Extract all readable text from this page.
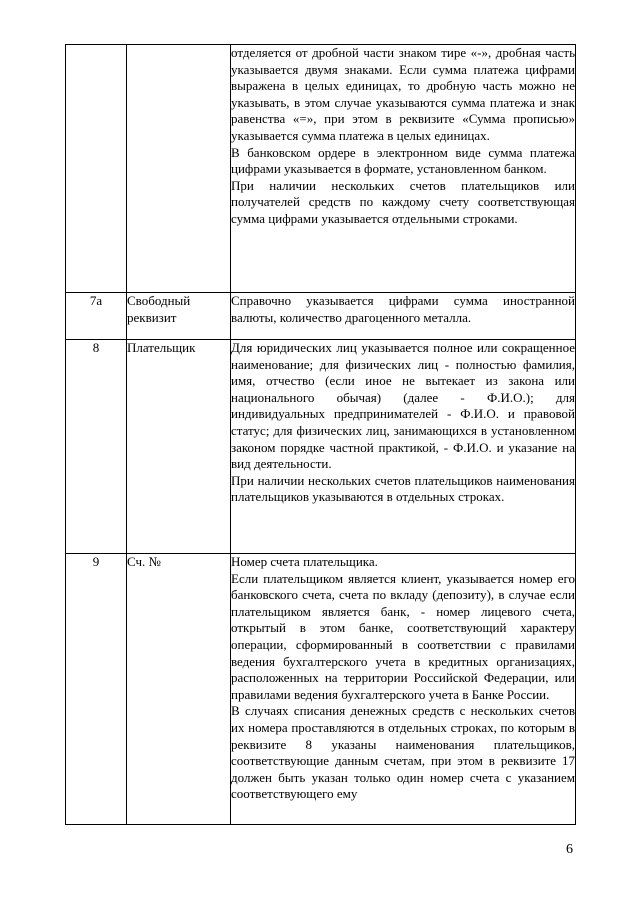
		отделяется от дробной части знаком тире «-», дробная часть указывается двумя знаками. Если сумма платежа цифрами выражена в целых единицах, то дробную часть можно не указывать, в этом случае указываются сумма платежа и знак равенства «=», при этом в реквизите «Сумма прописью» указывается сумма платежа в целых единицах.

В банковском ордере в электронном виде сумма платежа цифрами указывается в формате, установленном банком.

При наличии нескольких счетов плательщиков или получателей средств по каждому счету соответствующая сумма цифрами указывается отдельными строками.

7а	Свободный реквизит	Справочно указывается цифрами сумма иностранной валюты, количество драгоценного металла.

8	Плательщик	Для юридических лиц указывается полное или сокращенное наименование; для физических лиц - полностью фамилия, имя, отчество (если иное не вытекает из закона или национального обычая) (далее - Ф.И.О.); для индивидуальных предпринимателей - Ф.И.О. и правовой статус; для физических лиц, занимающихся в установленном законом порядке частной практикой, - Ф.И.О. и указание на вид деятельности.

При наличии нескольких счетов плательщиков наименования плательщиков указываются в отдельных строках.

9	Сч. №	Номер счета плательщика.

Если плательщиком является клиент, указывается номер его банковского счета, счета по вкладу (депозиту), в случае если плательщиком является банк, - номер лицевого счета, открытый в этом банке, соответствующий характеру операции, сформированный в соответствии с правилами ведения бухгалтерского учета в кредитных организациях, расположенных на территории Российской Федерации, или правилами ведения бухгалтерского учета в Банке России.

В случаях списания денежных средств с нескольких счетов их номера проставляются в отдельных строках, по которым в реквизите 8 указаны наименования плательщиков, соответствующие данным счетам, при этом в реквизите 17 должен быть указан только один номер счета с указанием соответствующего ему

6
